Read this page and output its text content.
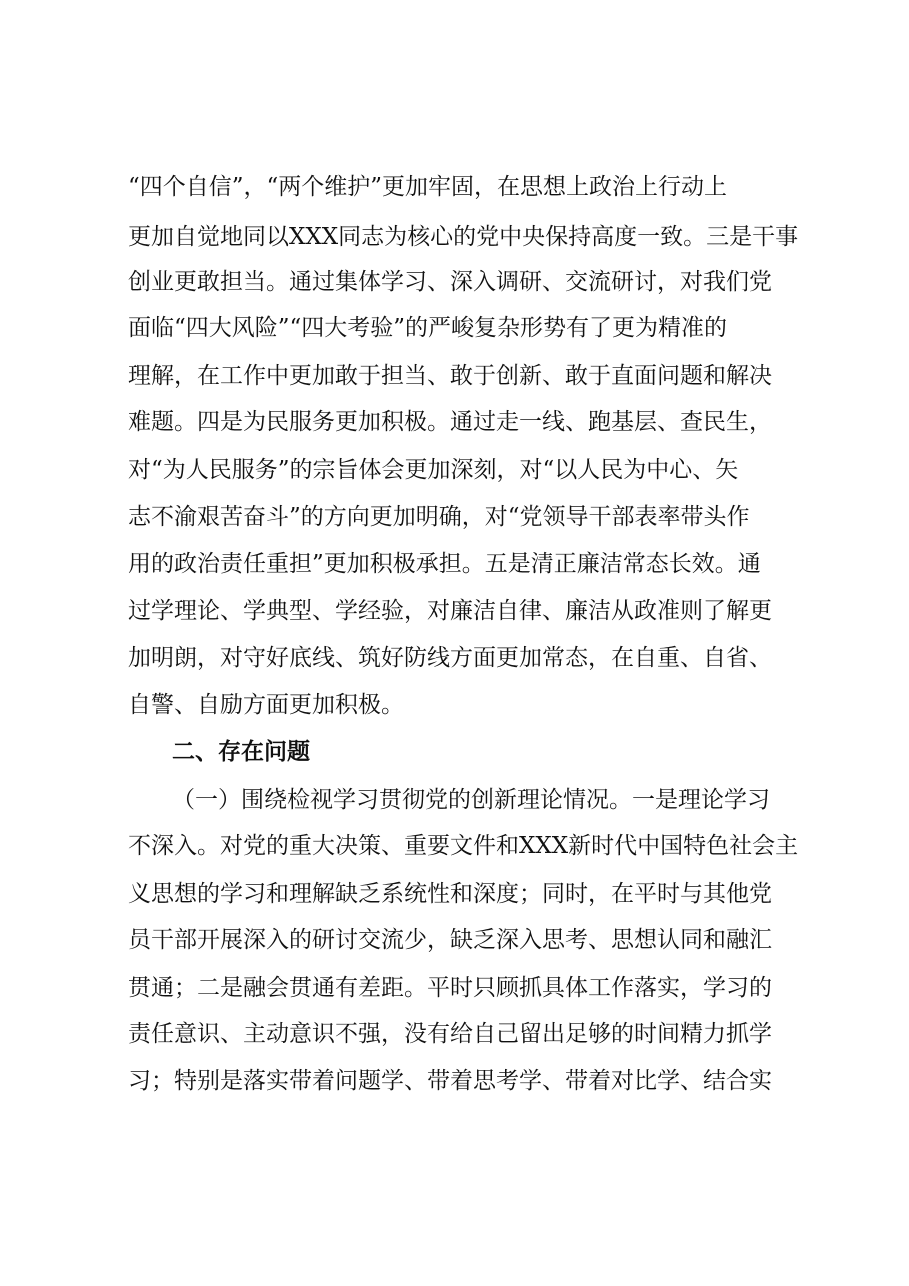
“四个自信”，“两个维护”更加牢固，在思想上政治上行动上
更加自觉地同以XXX同志为核心的党中央保持高度一致。三是干事
创业更敢担当。通过集体学习、深入调研、交流研讨，对我们党
面临“四大风险”“四大考验”的严峻复杂形势有了更为精准的
理解，在工作中更加敢于担当、敢于创新、敢于直面问题和解决
难题。四是为民服务更加积极。通过走一线、跑基层、查民生，
对“为人民服务”的宗旨体会更加深刻，对“以人民为中心、矢
志不渝艰苦奋斗”的方向更加明确，对“党领导干部表率带头作
用的政治责任重担”更加积极承担。五是清正廉洁常态长效。通
过学理论、学典型、学经验，对廉洁自律、廉洁从政准则了解更
加明朗，对守好底线、筑好防线方面更加常态，在自重、自省、
自警、自励方面更加积极。
二、存在问题
（一）围绕检视学习贯彻党的创新理论情况。一是理论学习
不深入。对党的重大决策、重要文件和XXX新时代中国特色社会主
义思想的学习和理解缺乏系统性和深度；同时，在平时与其他党
员干部开展深入的研讨交流少，缺乏深入思考、思想认同和融汇
贯通；二是融会贯通有差距。平时只顾抓具体工作落实，学习的
责任意识、主动意识不强，没有给自己留出足够的时间精力抓学
习；特别是落实带着问题学、带着思考学、带着对比学、结合实
